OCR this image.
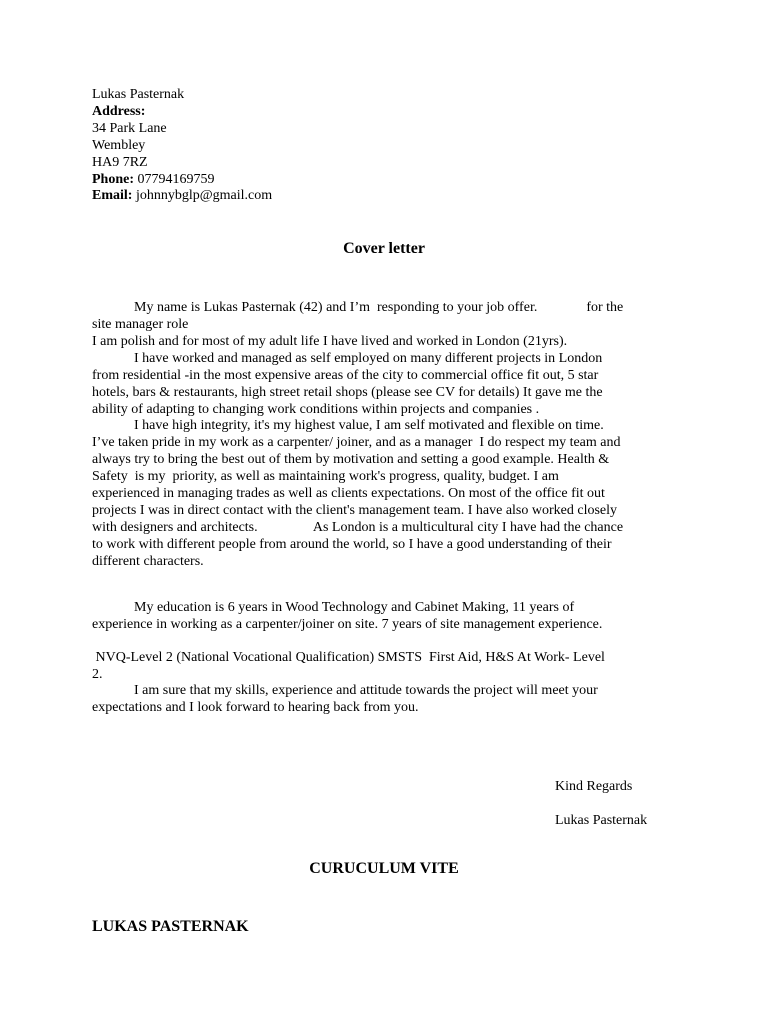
Lukas Pasternak
Address:
34 Park Lane
Wembley
HA9 7RZ
Phone: 07794169759
Email: johnnybglp@gmail.com
Cover letter
My name is Lukas Pasternak (42) and I’m  responding to your job offer.              for the
site manager role
I am polish and for most of my adult life I have lived and worked in London (21yrs).
I have worked and managed as self employed on many different projects in London
from residential -in the most expensive areas of the city to commercial office fit out, 5 star
hotels, bars & restaurants, high street retail shops (please see CV for details) It gave me the
ability of adapting to changing work conditions within projects and companies .
I have high integrity, it's my highest value, I am self motivated and flexible on time.
I’ve taken pride in my work as a carpenter/ joiner, and as a manager  I do respect my team and
always try to bring the best out of them by motivation and setting a good example. Health &
Safety  is my  priority, as well as maintaining work's progress, quality, budget. I am
experienced in managing trades as well as clients expectations. On most of the office fit out
projects I was in direct contact with the client's management team. I have also worked closely
with designers and architects.                As London is a multicultural city I have had the chance
to work with different people from around the world, so I have a good understanding of their
different characters.
My education is 6 years in Wood Technology and Cabinet Making, 11 years of
experience in working as a carpenter/joiner on site. 7 years of site management experience.
NVQ-Level 2 (National Vocational Qualification) SMSTS  First Aid, H&S At Work- Level
2.
I am sure that my skills, experience and attitude towards the project will meet your
expectations and I look forward to hearing back from you.
Kind Regards
Lukas Pasternak
CURUCULUM VITE
LUKAS PASTERNAK
